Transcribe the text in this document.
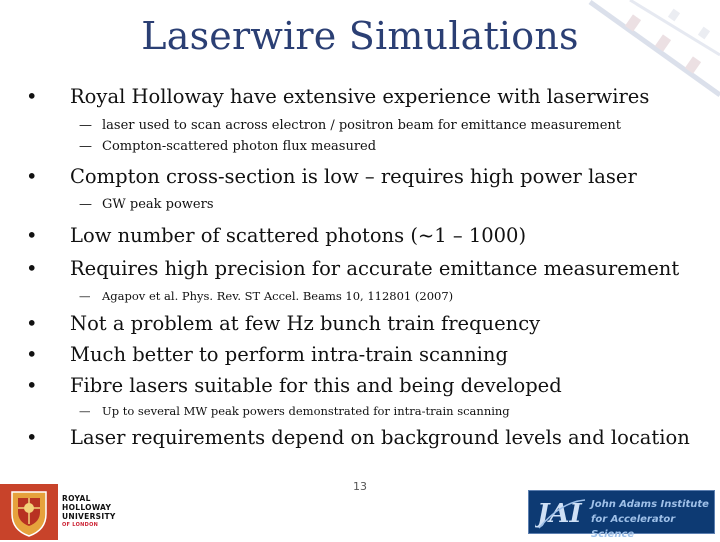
Laserwire Simulations
• Royal Holloway have extensive experience with laserwires
— laser used to scan across electron / positron beam for emittance measurement
— Compton-scattered photon flux measured
• Compton cross-section is low – requires high power laser
— GW peak powers
• Low number of scattered photons (~1 – 1000)
• Requires high precision for accurate emittance measurement
— Agapov et al. Phys. Rev. ST Accel. Beams 10, 112801 (2007)
• Not a problem at few Hz bunch train frequency
• Much better to perform intra-train scanning
• Fibre lasers suitable for this and being developed
— Up to several MW peak powers demonstrated for intra-train scanning
• Laser requirements depend on background levels and location
ROYAL
HOLLOWAY
UNIVERSITY
OF LONDON
13
JAI John Adams Institute
for Accelerator Science
